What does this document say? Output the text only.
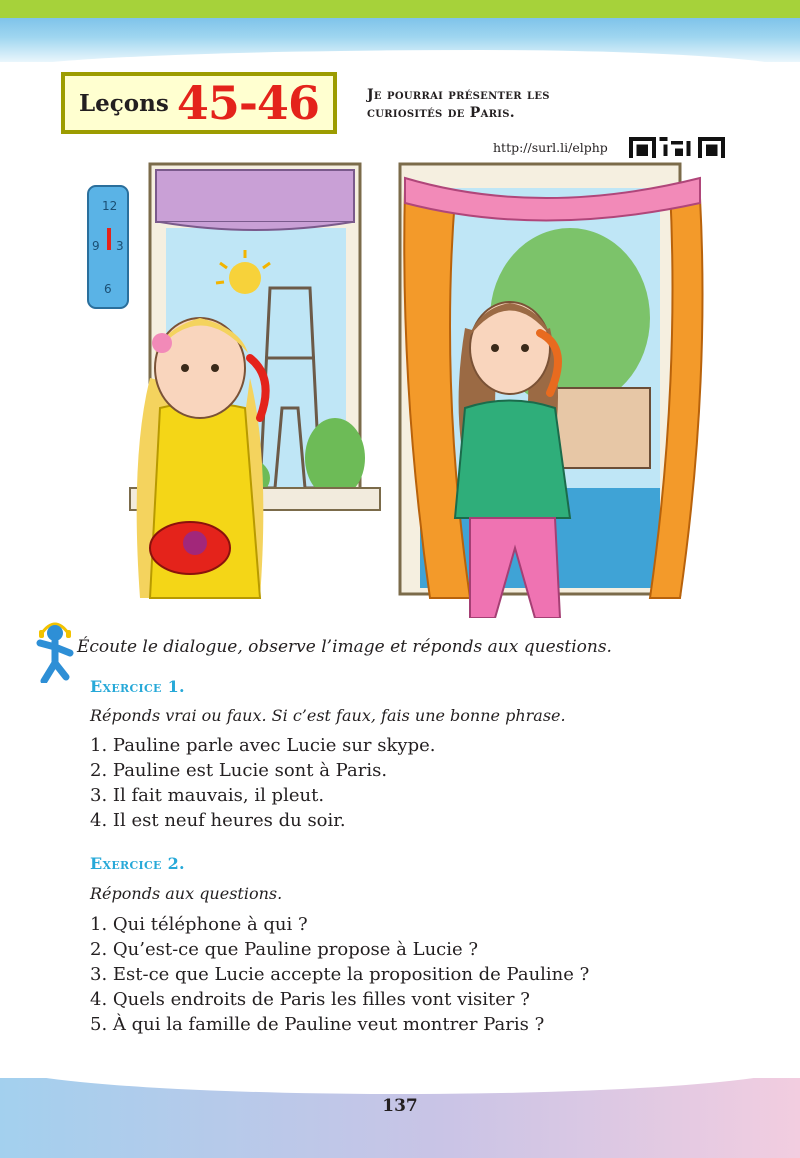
Leçons 45-46	Je pourrai présenter les
curiosités de Paris.
http://surl.li/elphp
12
9 3
6
Écoute le dialogue, observe l’image et réponds aux questions.
Exercice 1.
Réponds vrai ou faux. Si c’est faux, fais une bonne phrase.
1. Pauline parle avec Lucie sur skype.
2. Pauline est Lucie sont à Paris.
3. Il fait mauvais, il pleut.
4. Il est neuf heures du soir.
Exercice 2.
Réponds aux questions.
1. Qui téléphone à qui ?
2. Qu’est-ce que Pauline propose à Lucie ?
3. Est-ce que Lucie accepte la proposition de Pauline ?
4. Quels endroits de Paris les filles vont visiter ?
5. À qui la famille de Pauline veut montrer Paris ?
137
